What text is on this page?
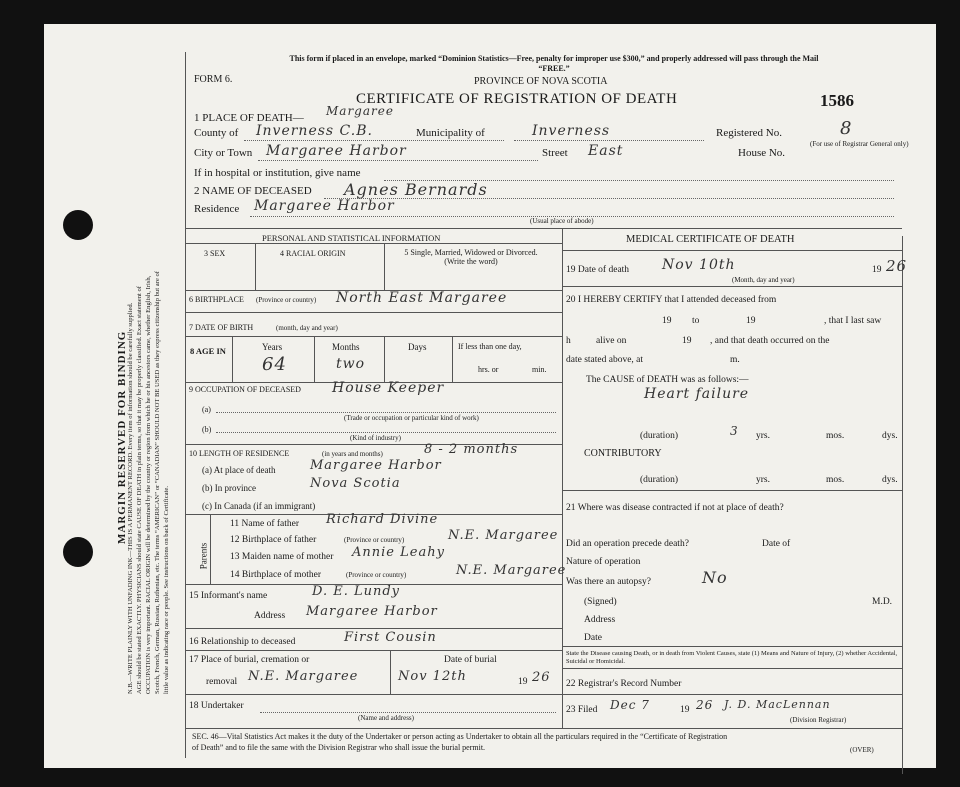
MARGIN RESERVED FOR BINDING N.B.—WRITE PLAINLY WITH UNFADING INK—THIS IS A PERMANENT RECORD. Every item of information should be carefully supplied. AGE should be stated EXACTLY. PHYSICIANS should state CAUSE OF DEATH in plain terms, so that it may be properly classified. Exact statement of OCCUPATION is very important. RACIAL ORIGIN will be determined by the country or region from which he or his ancestors came, whether English, Irish, Scotch, French, German, Russian, Ruthenian, etc. The terms “AMERICAN” or “CANADIAN” SHOULD NOT BE USED as they express citizenship but are of little value as indicating race or people. See instructions on back of Certificate.
This form if placed in an envelope, marked “Dominion Statistics—Free, penalty for improper use $300,” and properly addressed will pass through the Mail “FREE.”
PROVINCE OF NOVA SCOTIA
FORM 6.
CERTIFICATE OF REGISTRATION OF DEATH	1586
1 PLACE OF DEATH— Margaree
County of Inverness C.B.	Municipality of	Inverness	Registered No.	8
(For use of Registrar General only)
City or Town Margaree Harbor	Street East	House No.
If in hospital or institution, give name
2 NAME OF DECEASED Agnes Bernards
Residence Margaree Harbor
(Usual place of abode)
PERSONAL AND STATISTICAL INFORMATION
3 SEX	4 RACIAL ORIGIN	5 Single, Married, Widowed or Divorced. (Write the word)
6 BIRTHPLACE (Province or country) North East Margaree
7 DATE OF BIRTH	(month, day and year)
8 AGE IN	Years
64
Months
two
Days	If less than one day,
hrs. or	min.
9 OCCUPATION OF DECEASED House Keeper
(a)
(Trade or occupation or particular kind of work)
(b)
(Kind of industry)
10 LENGTH OF RESIDENCE	(in years and months)	8 - 2 months
(a) At place of death	Margaree Harbor
(b) In province	Nova Scotia
(c) In Canada (if an immigrant)
Parents
11 Name of father Richard Divine
12 Birthplace of father	(Province or country)	N.E. Margaree
13 Maiden name of mother Annie Leahy
14 Birthplace of mother	(Province or country)	N.E. Margaree
15 Informant's name	D. E. Lundy
Address Margaree Harbor
16 Relationship to deceased	First Cousin
17 Place of burial, cremation or	Date of burial
removal N.E. Margaree	Nov 12th	19 26
18 Undertaker
(Name and address)
MEDICAL CERTIFICATE OF DEATH
19 Date of death Nov 10th	19 26
(Month, day and year)
20 I HEREBY CERTIFY that I attended deceased from
19 to	19	, that I last saw
h	alive on	19 , and that death occurred on the
date stated above, at	m.
The CAUSE of DEATH was as follows:—
Heart failure
(duration)	3 yrs.	mos.	dys.
CONTRIBUTORY
(duration)	yrs.	mos.	dys.
21 Where was disease contracted if not at place of death?
Did an operation precede death?	Date of
Nature of operation
Was there an autopsy?	No
(Signed)	M.D.
Address
Date
State the Disease causing Death, or in death from Violent Causes, state (1) Means and Nature of Injury, (2) whether Accidental, Suicidal or Homicidal.
22 Registrar's Record Number
23 Filed Dec 7	19 26 J. D. MacLennan
(Division Registrar)
SEC. 46—Vital Statistics Act makes it the duty of the Undertaker or person acting as Undertaker to obtain all the particulars required in the “Certificate of Registration
of Death” and to file the same with the Division Registrar who shall issue the burial permit.	(OVER)
